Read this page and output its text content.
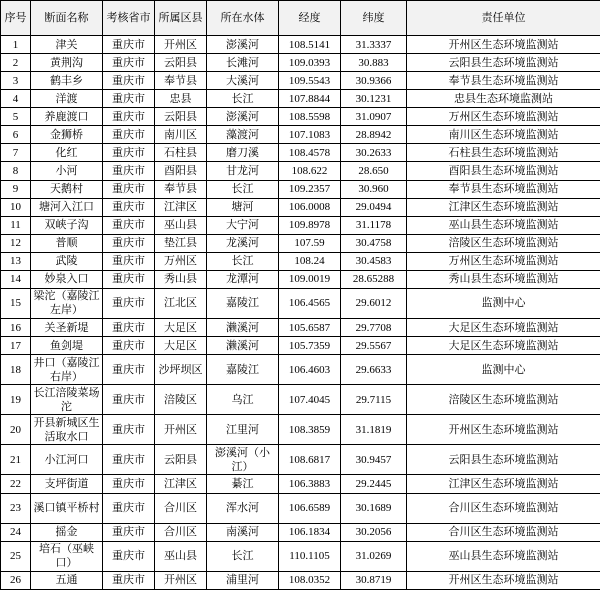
序号	断面名称	考核省市	所属区县	所在水体	经度	纬度	责任单位
1	津关	重庆市	开州区	澎溪河	108.5141	31.3337	开州区生态环境监测站
2	黄荆沟	重庆市	云阳县	长滩河	109.0393	30.883	云阳县生态环境监测站
3	鹤丰乡	重庆市	奉节县	大溪河	109.5543	30.9366	奉节县生态环境监测站
4	洋渡	重庆市	忠县	长江	107.8844	30.1231	忠县生态环境监测站
5	养鹿渡口	重庆市	云阳县	澎溪河	108.5598	31.0907	万州区生态环境监测站
6	金狮桥	重庆市	南川区	藻渡河	107.1083	28.8942	南川区生态环境监测站
7	化红	重庆市	石柱县	磨刀溪	108.4578	30.2633	石柱县生态环境监测站
8	小河	重庆市	酉阳县	甘龙河	108.622	28.650	酉阳县生态环境监测站
9	天鹅村	重庆市	奉节县	长江	109.2357	30.960	奉节县生态环境监测站
10	塘河入江口	重庆市	江津区	塘河	106.0008	29.0494	江津区生态环境监测站
11	双峡子沟	重庆市	巫山县	大宁河	109.8978	31.1178	巫山县生态环境监测站
12	普顺	重庆市	垫江县	龙溪河	107.59	30.4758	涪陵区生态环境监测站
13	武陵	重庆市	万州区	长江	108.24	30.4583	万州区生态环境监测站
14	妙泉入口	重庆市	秀山县	龙潭河	109.0019	28.65288	秀山县生态环境监测站
15	梁沱（嘉陵江左岸）	重庆市	江北区	嘉陵江	106.4565	29.6012	监测中心
16	关圣新堤	重庆市	大足区	濑溪河	105.6587	29.7708	大足区生态环境监测站
17	鱼剑堤	重庆市	大足区	濑溪河	105.7359	29.5567	大足区生态环境监测站
18	井口（嘉陵江右岸）	重庆市	沙坪坝区	嘉陵江	106.4603	29.6633	监测中心
19	长江涪陵菜场沱	重庆市	涪陵区	乌江	107.4045	29.7115	涪陵区生态环境监测站
20	开县新城区生活取水口	重庆市	开州区	江里河	108.3859	31.1819	开州区生态环境监测站
21	小江河口	重庆市	云阳县	澎溪河（小江）	108.6817	30.9457	云阳县生态环境监测站
22	支坪街道	重庆市	江津区	綦江	106.3883	29.2445	江津区生态环境监测站
23	溪口镇平桥村	重庆市	合川区	浑水河	106.6589	30.1689	合川区生态环境监测站
24	摇金	重庆市	合川区	南溪河	106.1834	30.2056	合川区生态环境监测站
25	培石（巫峡口）	重庆市	巫山县	长江	110.1105	31.0269	巫山县生态环境监测站
26	五通	重庆市	开州区	浦里河	108.0352	30.8719	开州区生态环境监测站
